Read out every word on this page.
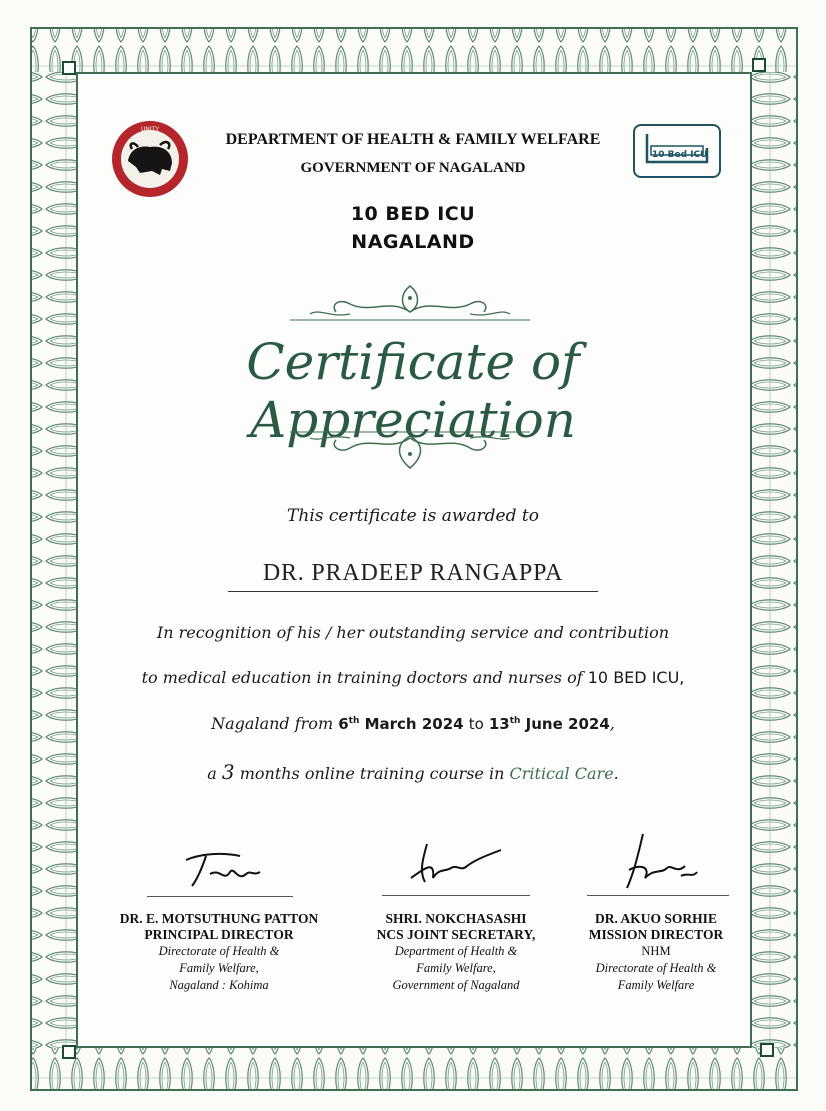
UNITY
DEPARTMENT OF HEALTH & FAMILY WELFARE
GOVERNMENT OF NAGALAND
10 Bed ICU
10 BED ICU
NAGALAND
Certificate of Appreciation
This certificate is awarded to
DR. PRADEEP RANGAPPA
In recognition of his / her outstanding service and contribution
to medical education in training doctors and nurses of 10 BED ICU,
Nagaland from 6th March 2024 to 13th June 2024,
a 3 months online training course in Critical Care.
DR. E. MOTSUTHUNG PATTON
PRINCIPAL DIRECTOR
Directorate of Health &
Family Welfare,
Nagaland : Kohima
SHRI. NOKCHASASHI
NCS JOINT SECRETARY,
Department of Health &
Family Welfare,
Government of Nagaland
DR. AKUO SORHIE
MISSION DIRECTOR
NHM
Directorate of Health &
Family Welfare
